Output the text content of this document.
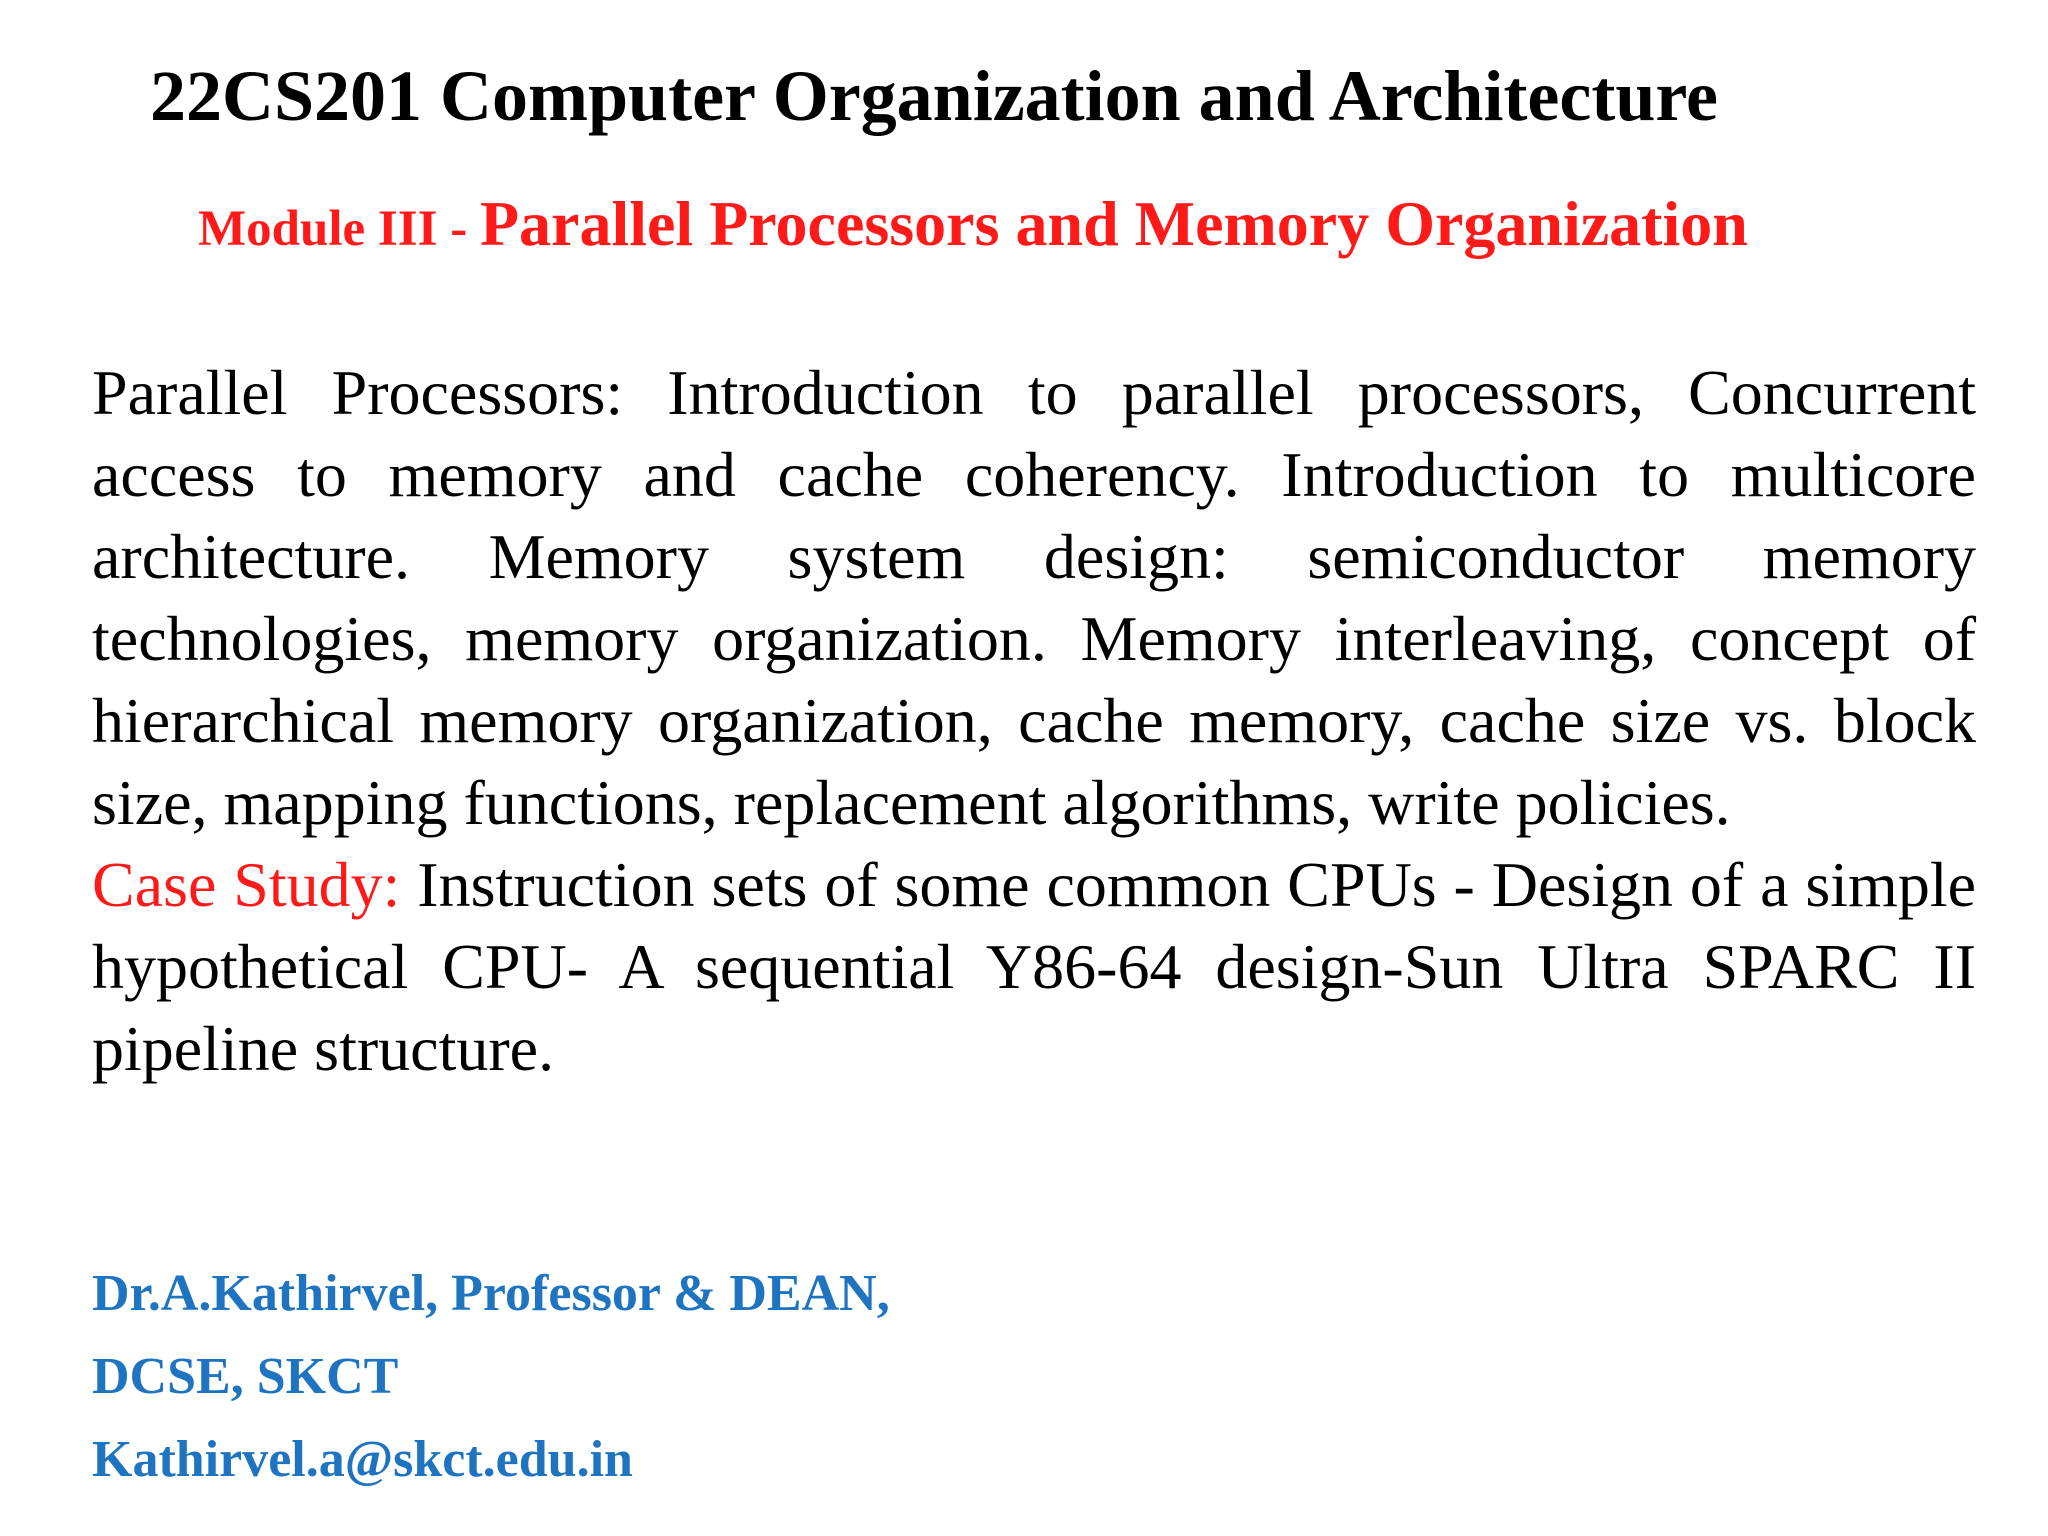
22CS201 Computer Organization and Architecture
Module III - Parallel Processors and Memory Organization

Parallel Processors: Introduction to parallel processors, Concurrent access to memory and cache coherency. Introduction to multicore architecture. Memory system design: semiconductor memory technologies, memory organization. Memory interleaving, concept of hierarchical memory organization, cache memory, cache size vs. block size, mapping functions, replacement algorithms, write policies.

Case Study: Instruction sets of some common CPUs - Design of a simple hypothetical CPU- A sequential Y86-64 design-Sun Ultra SPARC II pipeline structure.

Dr.A.Kathirvel, Professor & DEAN,
DCSE, SKCT
Kathirvel.a@skct.edu.in
